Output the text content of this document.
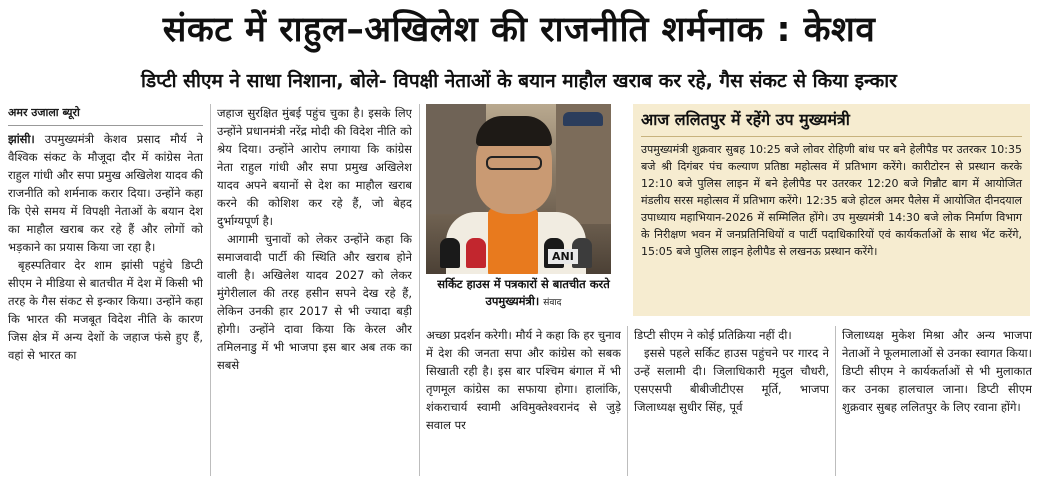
संकट में राहुल–अखिलेश की राजनीति शर्मनाक : केशव
डिप्टी सीएम ने साधा निशाना, बोले- विपक्षी नेताओं के बयान माहौल खराब कर रहे, गैस संकट से किया इन्कार
अमर उजाला ब्यूरो

झांसी। उपमुख्यमंत्री केशव प्रसाद मौर्य ने वैश्विक संकट के मौजूदा दौर में कांग्रेस नेता राहुल गांधी और सपा प्रमुख अखिलेश यादव की राजनीति को शर्मनाक करार दिया। उन्होंने कहा कि ऐसे समय में विपक्षी नेताओं के बयान देश का माहौल खराब कर रहे हैं और लोगों को भड़काने का प्रयास किया जा रहा है।

बृहस्पतिवार देर शाम झांसी पहुंचे डिप्टी सीएम ने मीडिया से बातचीत में देश में किसी भी तरह के गैस संकट से इन्कार किया। उन्होंने कहा कि भारत की मजबूत विदेश नीति के कारण जिस क्षेत्र में अन्य देशों के जहाज फंसे हुए हैं, वहां से भारत का

जहाज सुरक्षित मुंबई पहुंच चुका है। इसके लिए उन्होंने प्रधानमंत्री नरेंद्र मोदी की विदेश नीति को श्रेय दिया। उन्होंने आरोप लगाया कि कांग्रेस नेता राहुल गांधी और सपा प्रमुख अखिलेश यादव अपने बयानों से देश का माहौल खराब करने की कोशिश कर रहे हैं, जो बेहद दुर्भाग्यपूर्ण है।

आगामी चुनावों को लेकर उन्होंने कहा कि समाजवादी पार्टी की स्थिति और खराब होने वाली है। अखिलेश यादव 2027 को लेकर मुंगेरीलाल की तरह हसीन सपने देख रहे हैं, लेकिन उनकी हार 2017 से भी ज्यादा बड़ी होगी। उन्होंने दावा किया कि केरल और तमिलनाडु में भी भाजपा इस बार अब तक का सबसे

ANI
सर्किट हाउस में पत्रकारों से बातचीत करते उपमुख्यमंत्री। संवाद
आज ललितपुर में रहेंगे उप मुख्यमंत्री
उपमुख्यमंत्री शुक्रवार सुबह 10:25 बजे लोवर रोहिणी बांध पर बने हेलीपैड पर उतरकर 10:35 बजे श्री दिगंबर पंच कल्याण प्रतिष्ठा महोत्सव में प्रतिभाग करेंगे। कारीटोरन से प्रस्थान करके 12:10 बजे पुलिस लाइन में बने हेलीपैड पर उतरकर 12:20 बजे गिन्नौट बाग में आयोजित मंडलीय सरस महोत्सव में प्रतिभाग करेंगे। 12:35 बजे होटल अमर पैलेस में आयोजित दीनदयाल उपाध्याय महाभियान-2026 में सम्मिलित होंगे। उप मुख्यमंत्री 14:30 बजे लोक निर्माण विभाग के निरीक्षण भवन में जनप्रतिनिधियों व पार्टी पदाधिकारियों एवं कार्यकर्ताओं के साथ भेंट करेंगे, 15:05 बजे पुलिस लाइन हेलीपैड से लखनऊ प्रस्थान करेंगे।

अच्छा प्रदर्शन करेगी। मौर्य ने कहा कि हर चुनाव में देश की जनता सपा और कांग्रेस को सबक सिखाती रही है। इस बार पश्चिम बंगाल में भी तृणमूल कांग्रेस का सफाया होगा। हालांकि, शंकराचार्य स्वामी अविमुक्तेश्वरानंद से जुड़े सवाल पर

डिप्टी सीएम ने कोई प्रतिक्रिया नहीं दी।

इससे पहले सर्किट हाउस पहुंचने पर गारद ने उन्हें सलामी दी। जिलाधिकारी मृदुल चौधरी, एसएसपी बीबीजीटीएस मूर्ति, भाजपा जिलाध्यक्ष सुधीर सिंह, पूर्व

जिलाध्यक्ष मुकेश मिश्रा और अन्य भाजपा नेताओं ने फूलमालाओं से उनका स्वागत किया। डिप्टी सीएम ने कार्यकर्ताओं से भी मुलाकात कर उनका हालचाल जाना। डिप्टी सीएम शुक्रवार सुबह ललितपुर के लिए रवाना होंगे।
